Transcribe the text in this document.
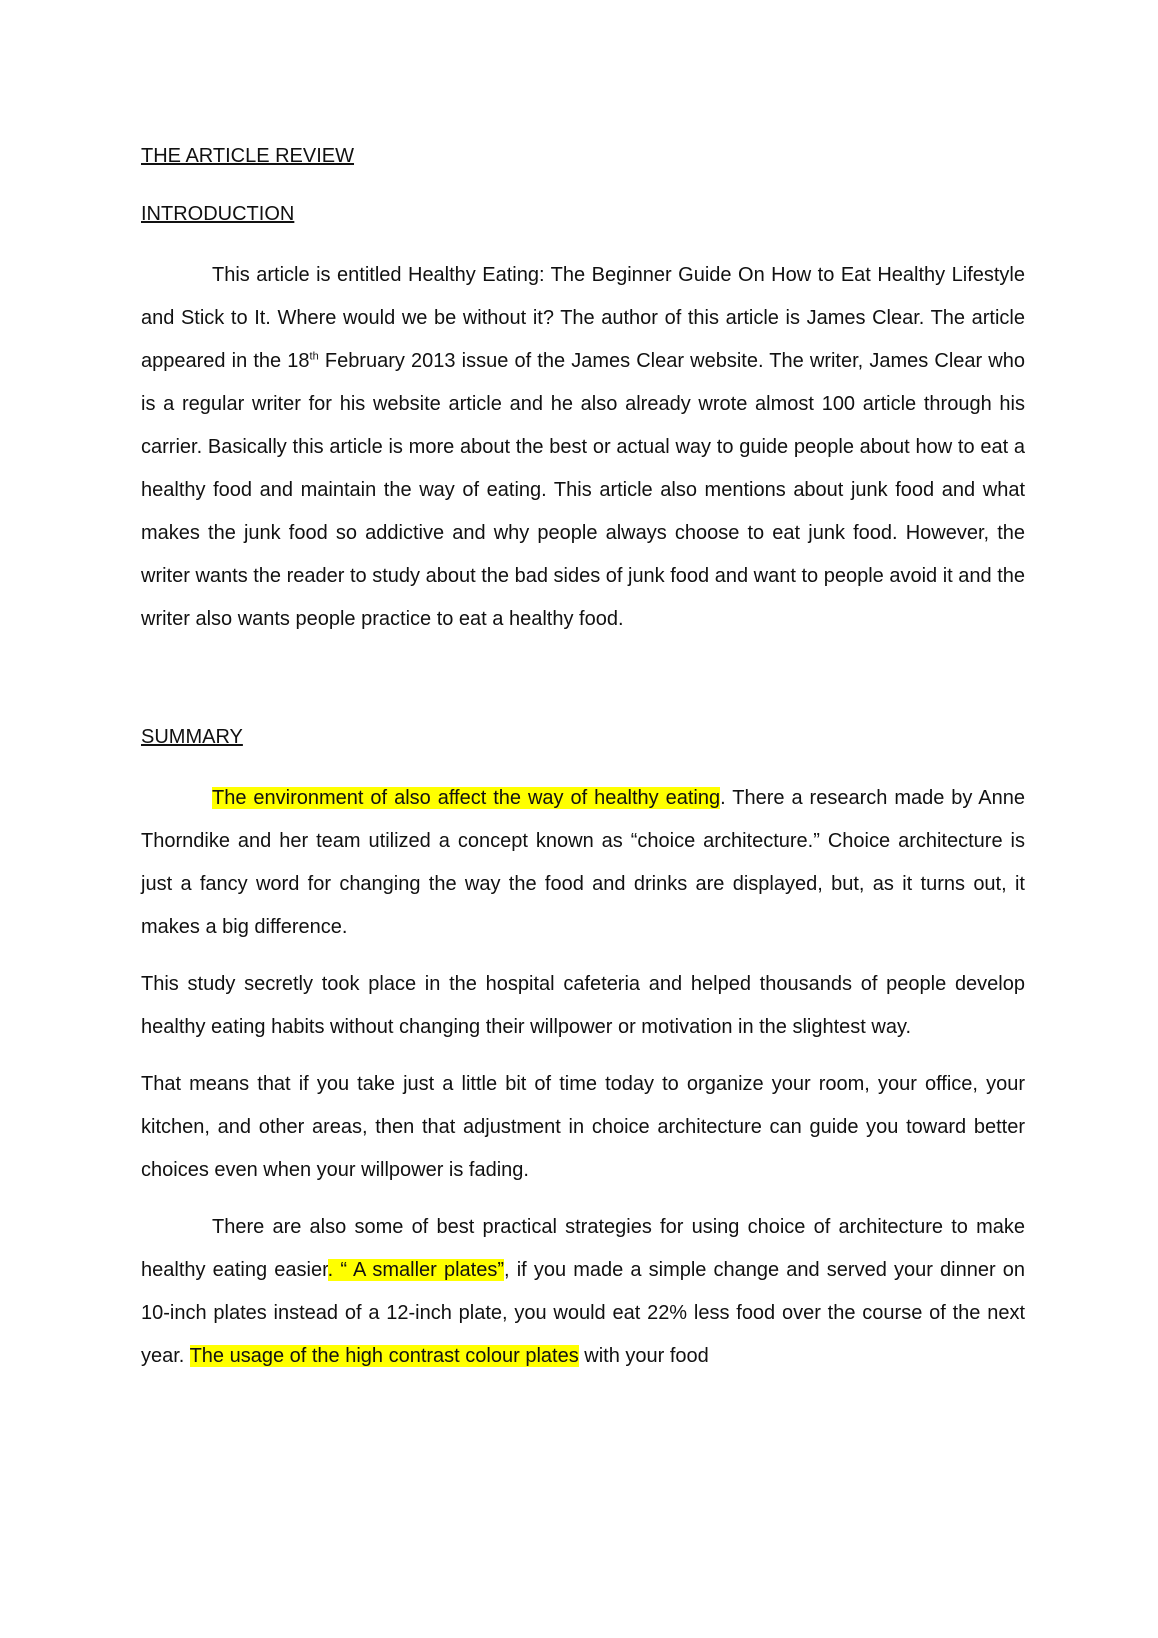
THE ARTICLE REVIEW
INTRODUCTION

This article is entitled Healthy Eating: The Beginner Guide On How to Eat Healthy Lifestyle and Stick to It. Where would we be without it? The author of this article is James Clear. The article appeared in the 18th February 2013 issue of the James Clear website. The writer, James Clear who is a regular writer for his website article and he also already wrote almost 100 article through his carrier. Basically this article is more about the best or actual way to guide people about how to eat a healthy food and maintain the way of eating. This article also mentions about junk food and what makes the junk food so addictive and why people always choose to eat junk food. However, the writer wants the reader to study about the bad sides of junk food and want to people avoid it and the writer also wants people practice to eat a healthy food.

SUMMARY

The environment of also affect the way of healthy eating. There a research made by Anne Thorndike and her team utilized a concept known as “choice architecture.” Choice architecture is just a fancy word for changing the way the food and drinks are displayed, but, as it turns out, it makes a big difference.

This study secretly took place in the hospital cafeteria and helped thousands of people develop healthy eating habits without changing their willpower or motivation in the slightest way.

That means that if you take just a little bit of time today to organize your room, your office, your kitchen, and other areas, then that adjustment in choice architecture can guide you toward better choices even when your willpower is fading.

There are also some of best practical strategies for using choice of architecture to make healthy eating easier. “ A smaller plates”, if you made a simple change and served your dinner on 10-inch plates instead of a 12-inch plate, you would eat 22% less food over the course of the next year. The usage of the high contrast colour plates with your food
